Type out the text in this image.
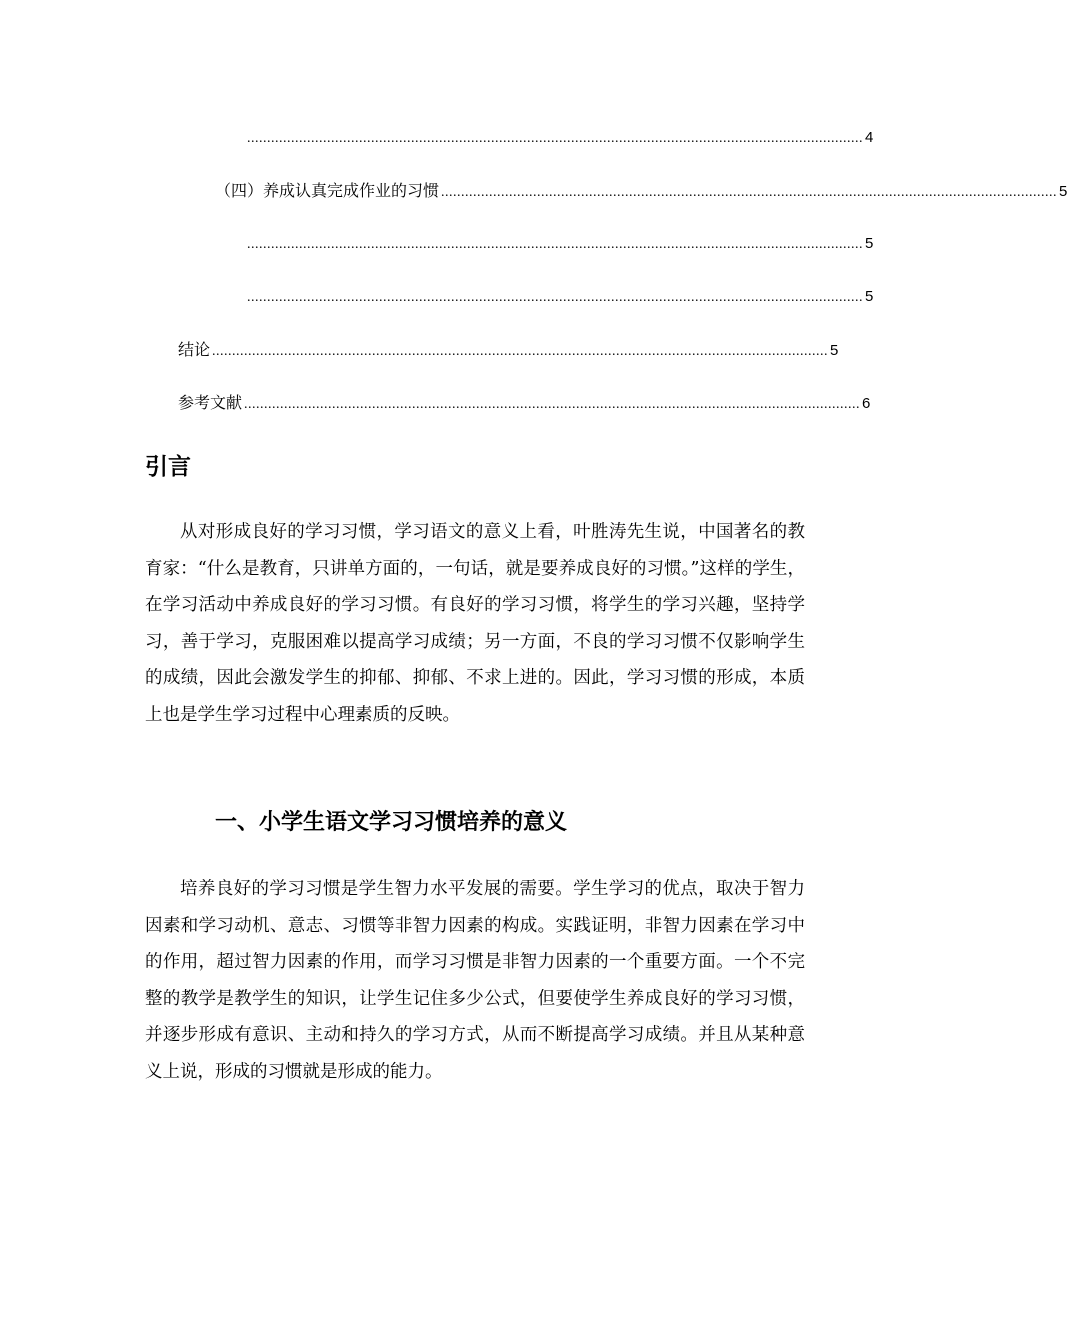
.......................................................................................................................................................... 4
（四）养成认真完成作业的习惯 .......................................................................................................................................................... 5
.......................................................................................................................................................... 5
.......................................................................................................................................................... 5
结论 .......................................................................................................................................................... 5
参考文献 .......................................................................................................................................................... 6
引言

从对形成良好的学习习惯，学习语文的意义上看，叶胜涛先生说，中国著名的教育家：“什么是教育，只讲单方面的，一句话，就是要养成良好的习惯。”这样的学生，在学习活动中养成良好的学习习惯。有良好的学习习惯，将学生的学习兴趣，坚持学习，善于学习，克服困难以提高学习成绩；另一方面，不良的学习习惯不仅影响学生的成绩，因此会激发学生的抑郁、抑郁、不求上进的。因此，学习习惯的形成，本质上也是学生学习过程中心理素质的反映。

一、小学生语文学习习惯培养的意义

培养良好的学习习惯是学生智力水平发展的需要。学生学习的优点，取决于智力因素和学习动机、意志、习惯等非智力因素的构成。实践证明，非智力因素在学习中的作用，超过智力因素的作用，而学习习惯是非智力因素的一个重要方面。一个不完整的教学是教学生的知识，让学生记住多少公式，但要使学生养成良好的学习习惯，并逐步形成有意识、主动和持久的学习方式，从而不断提高学习成绩。并且从某种意义上说，形成的习惯就是形成的能力。
